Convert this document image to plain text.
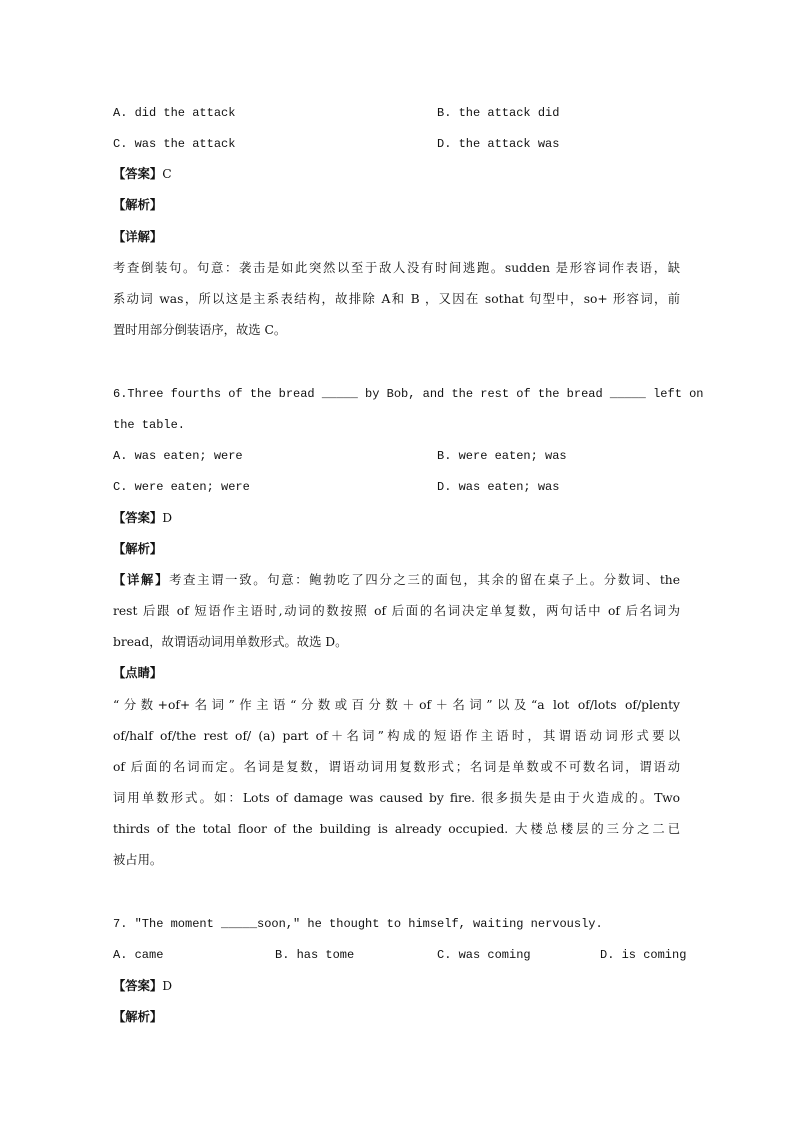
A. did the attack	B. the attack did
C. was the attack	D. the attack was
【答案】C
【解析】
【详解】
考查倒装句。句意：袭击是如此突然以至于敌人没有时间逃跑。sudden 是形容词作表语，缺
系动词 was，所以这是主系表结构，故排除 A和 B ，又因在 sothat 句型中，so+ 形容词，前
置时用部分倒装语序，故选 C。
6.Three fourths of the bread _____ by Bob, and the rest of the bread _____ left on
the table.
A. was eaten; were	B. were eaten; was
C. were eaten; were	D. was eaten; was
【答案】D
【解析】
【详解】考查主谓一致。句意：鲍勃吃了四分之三的面包，其余的留在桌子上。分数词、the
rest 后跟 of 短语作主语时,动词的数按照 of 后面的名词决定单复数，两句话中 of 后名词为
bread，故谓语动词用单数形式。故选 D。
【点睛】
“分数+of+名词”作主语“分数或百分数＋of＋名词”以及“a lot of/lots of/plenty
of/half of/the rest of/ (a) part of＋名词”构成的短语作主语时，其谓语动词形式要以
of 后面的名词而定。名词是复数，谓语动词用复数形式；名词是单数或不可数名词，谓语动
词用单数形式。如：Lots of damage was caused by fire. 很多损失是由于火造成的。Two
thirds of the total floor of the building is already occupied. 大楼总楼层的三分之二已
被占用。
7. ″The moment _____soon,″ he thought to himself, waiting nervously.
A. came	B. has tome	C. was coming	D. is coming
【答案】D
【解析】
